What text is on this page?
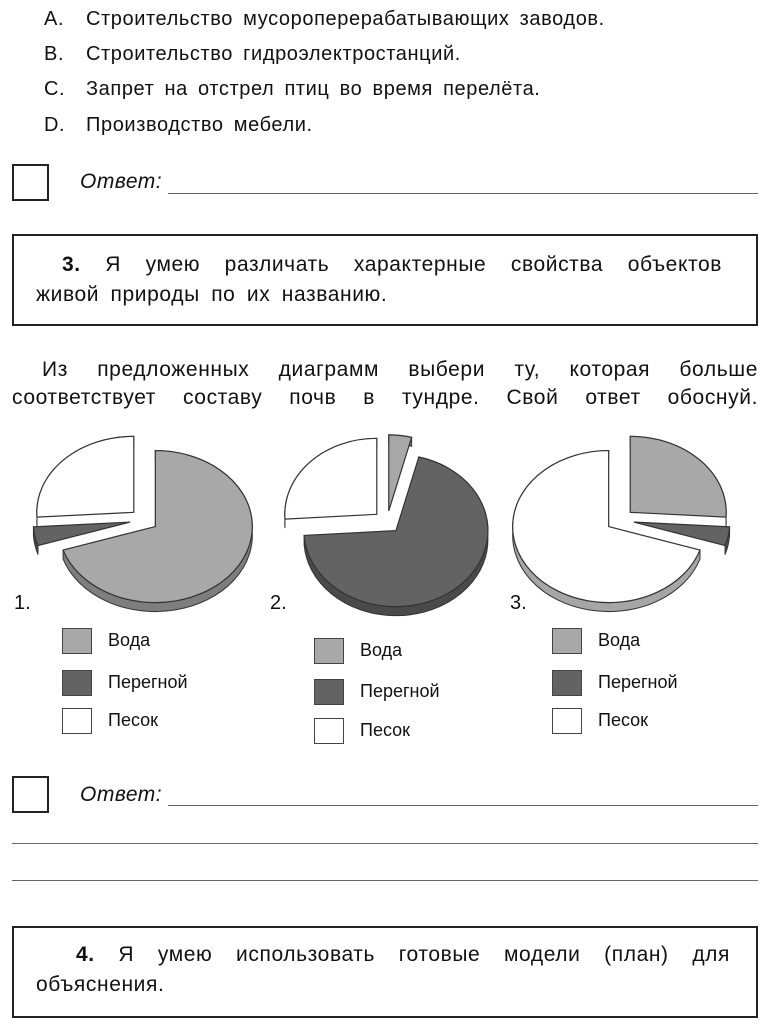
A. Строительство мусороперерабатывающих заводов.
B. Строительство гидроэлектростанций.
C. Запрет на отстрел птиц во время перелёта.
D. Производство мебели.
Ответ:
3. Я умею различать характерные свойства объектов
живой природы по их названию.
Из предложенных диаграмм выбери ту, которая больше
соответствует составу почв в тундре. Свой ответ обоснуй.
1.	2.	3.
Вода
Перегной
Песок
Вода
Перегной
Песок
Вода
Перегной
Песок
Ответ:
4. Я умею использовать готовые модели (план) для
объяснения.
